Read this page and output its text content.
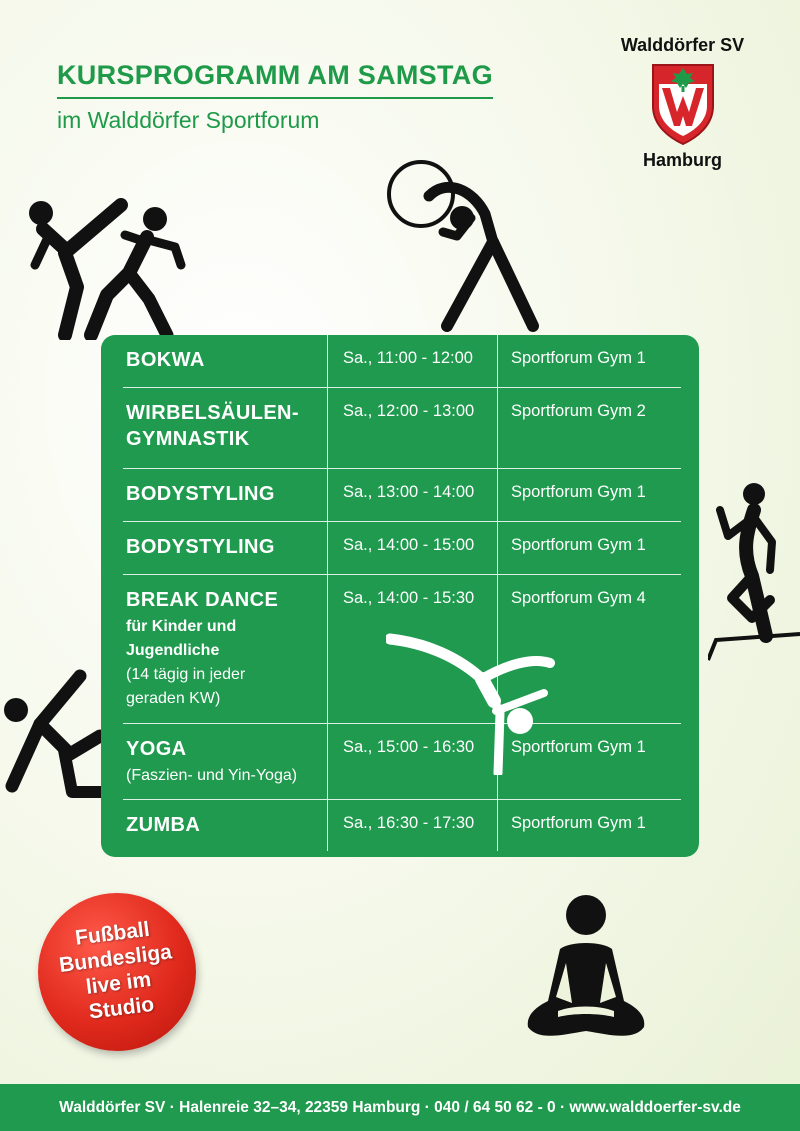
KURSPROGRAMM AM SAMSTAG
im Walddörfer Sportforum
Walddörfer SV
Hamburg
BOKWA	Sa., 11:00 - 12:00 Sportforum Gym 1
WIRBELSÄULEN-
GYMNASTIK
Sa., 12:00 - 13:00 Sportforum Gym 2
BODYSTYLING	Sa., 13:00 - 14:00 Sportforum Gym 1
BODYSTYLING	Sa., 14:00 - 15:00 Sportforum Gym 1
BREAK DANCE
für Kinder und Jugendliche
(14 tägig in jeder geraden KW)
Sa., 14:00 - 15:30 Sportforum Gym 4
YOGA
(Faszien- und Yin-Yoga)
Sa., 15:00 - 16:30 Sportforum Gym 1
ZUMBA	Sa., 16:30 - 17:30 Sportforum Gym 1
Fußball
Bundesliga
live im
Studio
Walddörfer SV · Halenreie 32–34, 22359 Hamburg · 040 / 64 50 62 - 0 · www.walddoerfer-sv.de
